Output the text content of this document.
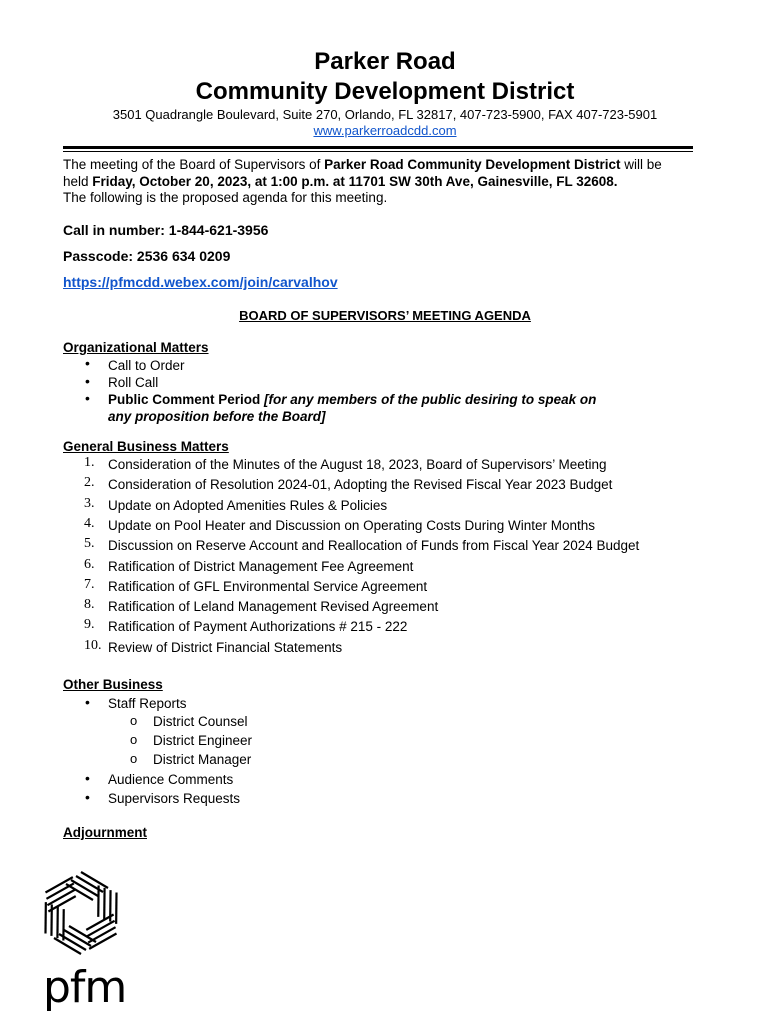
Parker Road
Community Development District
3501 Quadrangle Boulevard, Suite 270, Orlando, FL 32817, 407-723-5900, FAX 407-723-5901
www.parkerroadcdd.com
The meeting of the Board of Supervisors of Parker Road Community Development District will be
held Friday, October 20, 2023, at 1:00 p.m. at 11701 SW 30th Ave, Gainesville, FL 32608.
The following is the proposed agenda for this meeting.
Call in number: 1-844-621-3956
Passcode: 2536 634 0209
https://pfmcdd.webex.com/join/carvalhov
BOARD OF SUPERVISORS’ MEETING AGENDA
Organizational Matters
• Call to Order
• Roll Call
• Public Comment Period [for any members of the public desiring to speak on
any proposition before the Board]
General Business Matters
1.	Consideration of the Minutes of the August 18, 2023, Board of Supervisors’ Meeting
2.	Consideration of Resolution 2024-01, Adopting the Revised Fiscal Year 2023 Budget
3.	Update on Adopted Amenities Rules & Policies
4.	Update on Pool Heater and Discussion on Operating Costs During Winter Months
5.	Discussion on Reserve Account and Reallocation of Funds from Fiscal Year 2024 Budget
6.	Ratification of District Management Fee Agreement
7.	Ratification of GFL Environmental Service Agreement
8.	Ratification of Leland Management Revised Agreement
9.	Ratification of Payment Authorizations # 215 - 222
10. Review of District Financial Statements
Other Business
• Staff Reports
o District Counsel
o District Engineer
o District Manager
• Audience Comments
• Supervisors Requests
Adjournment
pfm
